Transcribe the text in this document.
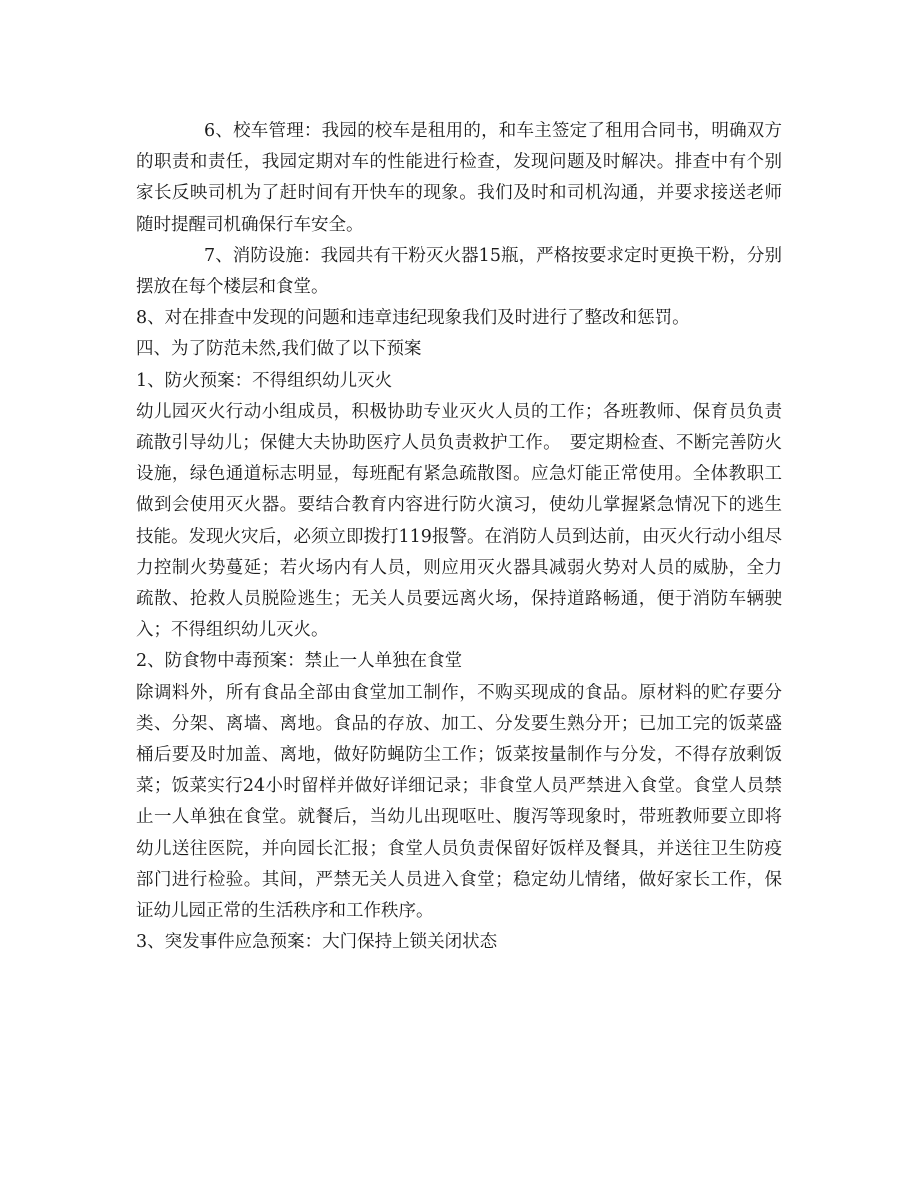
6、校车管理：我园的校车是租用的，和车主签定了租用合同书，明确双方的职责和责任，我园定期对车的性能进行检查，发现问题及时解决。排查中有个别家长反映司机为了赶时间有开快车的现象。我们及时和司机沟通，并要求接送老师随时提醒司机确保行车安全。

7、消防设施：我园共有干粉灭火器15瓶，严格按要求定时更换干粉，分别摆放在每个楼层和食堂。

8、对在排查中发现的问题和违章违纪现象我们及时进行了整改和惩罚。

四、为了防范未然,我们做了以下预案

1、防火预案：不得组织幼儿灭火

幼儿园灭火行动小组成员，积极协助专业灭火人员的工作；各班教师、保育员负责疏散引导幼儿；保健大夫协助医疗人员负责救护工作。　要定期检查、不断完善防火设施，绿色通道标志明显，每班配有紧急疏散图。应急灯能正常使用。全体教职工做到会使用灭火器。要结合教育内容进行防火演习，使幼儿掌握紧急情况下的逃生技能。发现火灾后，必须立即拨打119报警。在消防人员到达前，由灭火行动小组尽力控制火势蔓延；若火场内有人员，则应用灭火器具减弱火势对人员的威胁，全力疏散、抢救人员脱险逃生；无关人员要远离火场，保持道路畅通，便于消防车辆驶入；不得组织幼儿灭火。

2、防食物中毒预案：禁止一人单独在食堂

除调料外，所有食品全部由食堂加工制作，不购买现成的食品。原材料的贮存要分类、分架、离墙、离地。食品的存放、加工、分发要生熟分开；已加工完的饭菜盛桶后要及时加盖、离地，做好防蝇防尘工作；饭菜按量制作与分发，不得存放剩饭菜；饭菜实行24小时留样并做好详细记录；非食堂人员严禁进入食堂。食堂人员禁止一人单独在食堂。就餐后，当幼儿出现呕吐、腹泻等现象时，带班教师要立即将幼儿送往医院，并向园长汇报；食堂人员负责保留好饭样及餐具，并送往卫生防疫部门进行检验。其间，严禁无关人员进入食堂；稳定幼儿情绪，做好家长工作，保证幼儿园正常的生活秩序和工作秩序。

3、突发事件应急预案：大门保持上锁关闭状态
